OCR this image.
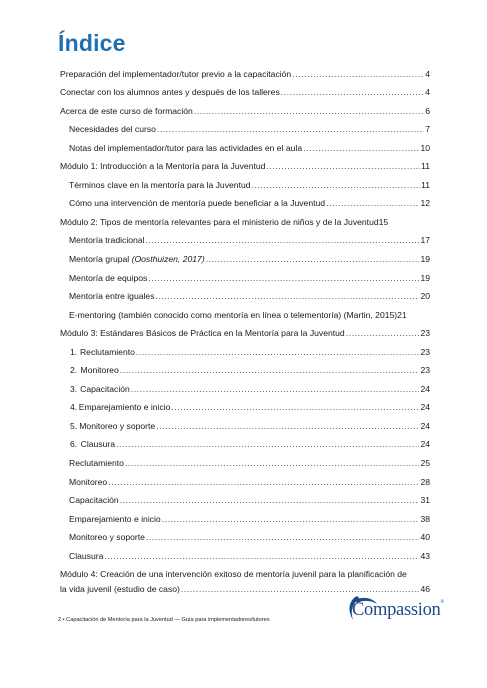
Índice
Preparación del implementador/tutor previo a la capacitación .....	4
Conectar con los alumnos antes y después de los talleres .....	4
Acerca de este curso de formación .....	6
Necesidades del curso .....	7
Notas del implementador/tutor para las actividades en el aula .....	10
Módulo 1: Introducción a la Mentoría para la Juventud .....	11
Términos clave en la mentoría para la Juventud .....	11
Cómo una intervención de mentoría puede beneficiar a la Juventud .....	12
Módulo 2: Tipos de mentoría relevantes para el ministerio de niños y de la Juventud 15
Mentoría tradicional .....	17
Mentoría grupal (Oosthuizen, 2017) .....	19
Mentoría de equipos .....	19
Mentoría entre iguales .....	20
E-mentoring (también conocido como mentoría en línea o telementoría) (Martin, 2015) 21
Módulo 3: Estándares Básicos de Práctica en la Mentoría para la Juventud .....	23
1. Reclutamiento .....	23
2. Monitoreo .....	23
3. Capacitación .....	24
4. Emparejamiento e inicio .....	24
5. Monitoreo y soporte .....	24
6. Clausura .....	24
Reclutamiento .....	25
Monitoreo .....	28
Capacitación .....	31
Emparejamiento e inicio .....	38
Monitoreo y soporte .....	40
Clausura .....	43
Módulo 4: Creación de una intervención exitoso de mentoría juvenil para la planificación de
la vida juvenil (estudio de caso) .....	46
2 • Capacitación de Mentoría para la Juventud — Guía para implementadores/tutores	Compassion®
